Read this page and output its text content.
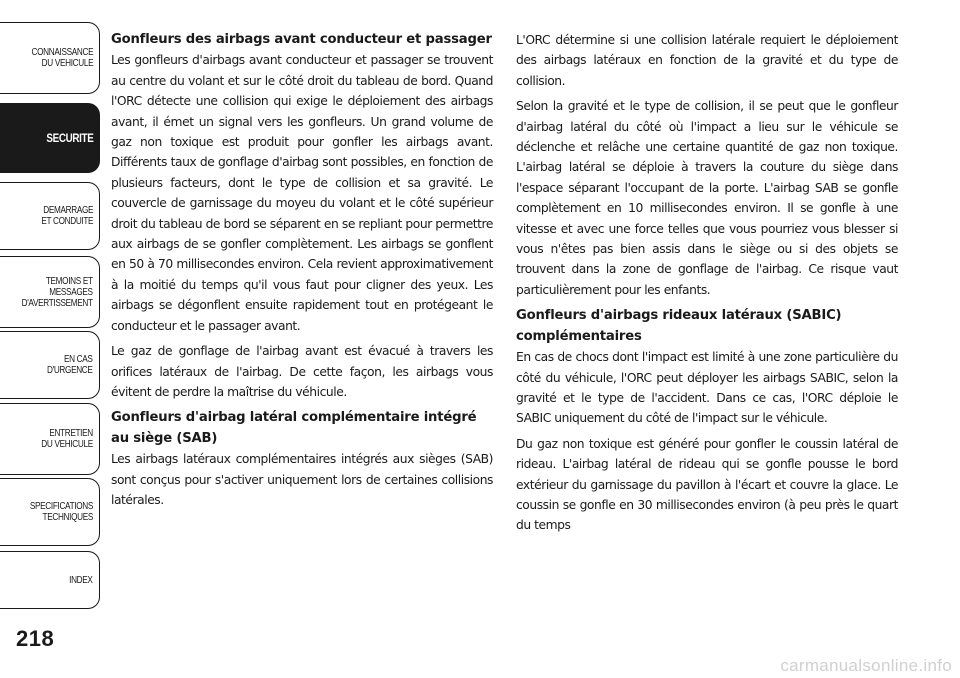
CONNAISSANCE
DU VEHICULE
SECURITE
DEMARRAGE
ET CONDUITE
TEMOINS ET
MESSAGES
D'AVERTISSEMENT
EN CAS
D'URGENCE
ENTRETIEN
DU VEHICULE
SPECIFICATIONS
TECHNIQUES
INDEX
218
Gonfleurs des airbags avant conducteur et passager

Les gonfleurs d'airbags avant conducteur et passager se trouvent au centre du volant et sur le côté droit du tableau de bord. Quand l'ORC détecte une collision qui exige le déploiement des airbags avant, il émet un signal vers les gonfleurs. Un grand volume de gaz non toxique est produit pour gonfler les airbags avant. Différents taux de gonflage d'airbag sont possibles, en fonction de plusieurs facteurs, dont le type de collision et sa gravité. Le couvercle de garnissage du moyeu du volant et le côté supérieur droit du tableau de bord se séparent en se repliant pour permettre aux airbags de se gonfler complètement. Les airbags se gonflent en 50 à 70 millisecondes environ. Cela revient approximativement à la moitié du temps qu'il vous faut pour cligner des yeux. Les airbags se dégonflent ensuite rapidement tout en protégeant le conducteur et le passager avant.

Le gaz de gonflage de l'airbag avant est évacué à travers les orifices latéraux de l'airbag. De cette façon, les airbags vous évitent de perdre la maîtrise du véhicule.

Gonfleurs d'airbag latéral complémentaire intégré au siège (SAB)

Les airbags latéraux complémentaires intégrés aux sièges (SAB) sont conçus pour s'activer uniquement lors de certaines collisions latérales.

L'ORC détermine si une collision latérale requiert le déploiement des airbags latéraux en fonction de la gravité et du type de collision.

Selon la gravité et le type de collision, il se peut que le gonfleur d'airbag latéral du côté où l'impact a lieu sur le véhicule se déclenche et relâche une certaine quantité de gaz non toxique. L'airbag latéral se déploie à travers la couture du siège dans l'espace séparant l'occupant de la porte. L'airbag SAB se gonfle complètement en 10 millisecondes environ. Il se gonfle à une vitesse et avec une force telles que vous pourriez vous blesser si vous n'êtes pas bien assis dans le siège ou si des objets se trouvent dans la zone de gonflage de l'airbag. Ce risque vaut particulièrement pour les enfants.

Gonfleurs d'airbags rideaux latéraux (SABIC) complémentaires

En cas de chocs dont l'impact est limité à une zone particulière du côté du véhicule, l'ORC peut déployer les airbags SABIC, selon la gravité et le type de l'accident. Dans ce cas, l'ORC déploie le SABIC uniquement du côté de l'impact sur le véhicule.

Du gaz non toxique est généré pour gonfler le coussin latéral de rideau. L'airbag latéral de rideau qui se gonfle pousse le bord extérieur du garnissage du pavillon à l'écart et couvre la glace. Le coussin se gonfle en 30 millisecondes environ (à peu près le quart du temps

carmanualsonline.info
